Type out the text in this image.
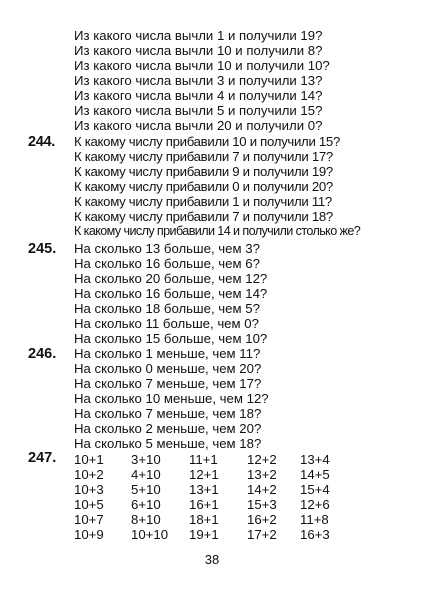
Из какого числа вычли 1 и получили 19?
Из какого числа вычли 10 и получили 8?
Из какого числа вычли 10 и получили 10?
Из какого числа вычли 3 и получили 13?
Из какого числа вычли 4 и получили 14?
Из какого числа вычли 5 и получили 15?
Из какого числа вычли 20 и получили 0?
244. К какому числу прибавили 10 и получили 15?
К какому числу прибавили 7 и получили 17?
К какому числу прибавили 9 и получили 19?
К какому числу прибавили 0 и получили 20?
К какому числу прибавили 1 и получили 11?
К какому числу прибавили 7 и получили 18?
К какому числу прибавили 14 и получили столько же?
245. На сколько 13 больше, чем 3?
На сколько 16 больше, чем 6?
На сколько 20 больше, чем 12?
На сколько 16 больше, чем 14?
На сколько 18 больше, чем 5?
На сколько 11 больше, чем 0?
На сколько 15 больше, чем 10?
246. На сколько 1 меньше, чем 11?
На сколько 0 меньше, чем 20?
На сколько 7 меньше, чем 17?
На сколько 10 меньше, чем 12?
На сколько 7 меньше, чем 18?
На сколько 2 меньше, чем 20?
На сколько 5 меньше, чем 18?
247.	10+1	3+10	11+1	12+2	13+4
10+2	4+10	12+1	13+2	14+5
10+3	5+10	13+1	14+2	15+4
10+5	6+10	16+1	15+3	12+6
10+7	8+10	18+1	16+2	11+8
10+9	10+10	19+1	17+2	16+3
38
